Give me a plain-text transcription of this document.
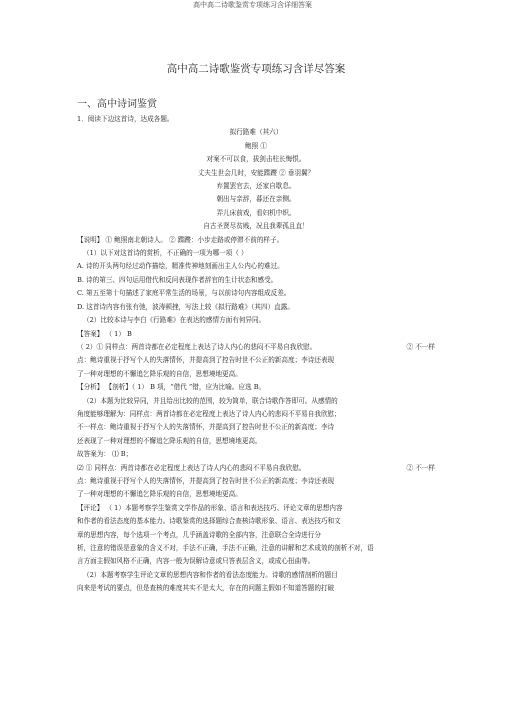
高中高二诗歌鉴赏专项练习含详细答案
高中高二诗歌鉴赏专项练习含详尽答案
一、高中诗词鉴赏
1．阅读下边这首诗，达成各题。
拟行路难（其六）
鲍照 ①
对案不可以食，拔剑击柱长悔恨。
丈夫生世会几时，安能蹀躞 ② 垂羽翼？
弃置罢官去，还家自歇息。
朝出与亲辞，暮还在亲侧。
弄儿床前戏，看妇机中织。
自古圣贤尽贫贱，况且我辈孤且直！
【说明】 ① 鲍照南北朝诗人。 ② 蹀躞：小步走路或停滞不前的样子。
（1）以下对这首诗的赏析，不正确的一项为哪一项（ ）
A. 诗的开头两句经过动作描绘，精准传神地刻画出主人公内心的难过。
B. 诗的第三、四句运用借代和反问表现作者辞官的生计状态和感受。
C. 第五至第十句描述了家庭平常生活的场景，与以前诗句内容组成反差。
D. 这首诗内容有张有弛，波涛顿挫，写法上较《拟行路难》（其四）直露。
（2）比较本诗与李白《行路难》在表达的感情方面有何异同。
【答案】 （ 1） B
（ 2）① 同样点：两首诗都在必定程度上表达了诗人内心的悲闷不平易自我欣慰。	② 不一样
点：鲍诗重视于抒写个人的失落情怀，并提高到了控告时世不公正的新高度；李诗还表现
了一种对理想的不懈追乞降乐观的自信，思想境地更高。
【分析】 【剖析】（ 1） B 项，“借代 ”错，应为比喻。应选 B。
（2）本题为比较异同，并且给出比较的范围，较为简单，联合诗歌作答即可。从感情的
角度能够理解为：同样点：两首诗都在必定程度上表达了诗人内心的悲闷不平易自我欣慰；
不一样点：鲍诗重视于抒写个人的失落情怀，并提高到了控告时世不公正的新高度；李诗
还表现了一种对理想的不懈追乞降乐观的自信，思想境地更高。
故答案为： ⑴ B；
⑵ ① 同样点：两首诗都在必定程度上表达了诗人内心的悲闷不平易自我欣慰。	② 不一样
点：鲍诗重视于抒写个人的失落情怀，并提高到了控告时世不公正的新高度；李诗还表现
了一种对理想的不懈追乞降乐观的自信，思想境地更高。
【评论】 （ 1）本题考察学生鉴赏文学作品的形象、语言和表达技巧、评论文章的思想内容
和作者的看法态度的基本能力。诗歌鉴赏的选择题综合查核诗歌形象、语言、表达技巧和文
章的思想内容，每个选项一个考点，几乎涵盖诗歌的全部内容，注意联合全诗进行分
析，注意的错误是意象的含义不对，手法不正确，手法不正确，注意的讲解和艺术成效的剖析不对，语
言方面主假如风格不正确，内容一般为误解诗意或只答表层含义，或成心扭曲等。
（2）本题考察学生评论文章的思想内容和作者的看法态度能力。诗歌的感情剖析的题目
向来是考试的要点，但是查核的难度其实不是太大，存在的问题主假如不知道答题的打破
